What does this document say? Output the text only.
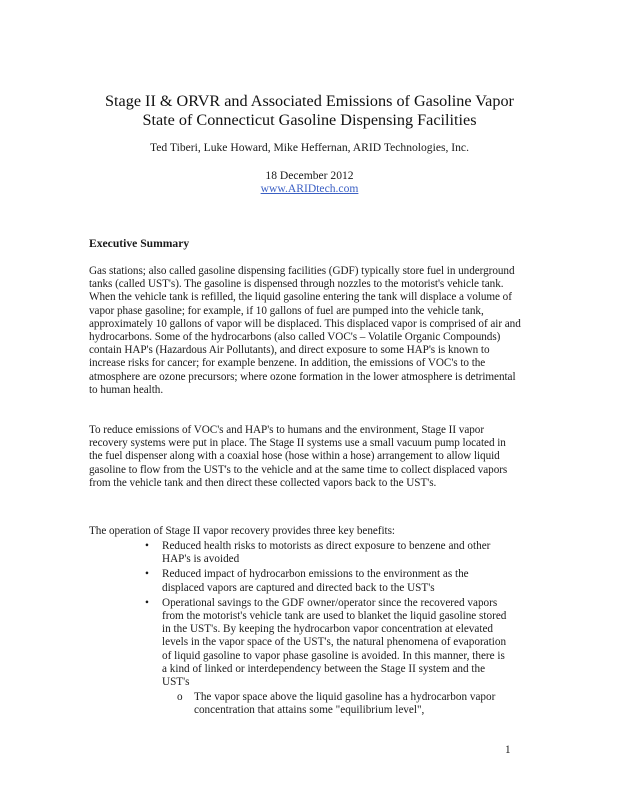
Stage II & ORVR and Associated Emissions of Gasoline Vapor
State of Connecticut Gasoline Dispensing Facilities
Ted Tiberi, Luke Howard, Mike Heffernan, ARID Technologies, Inc.
18 December 2012
www.ARIDtech.com
Executive Summary

Gas stations; also called gasoline dispensing facilities (GDF) typically store fuel in underground tanks (called UST's). The gasoline is dispensed through nozzles to the motorist's vehicle tank. When the vehicle tank is refilled, the liquid gasoline entering the tank will displace a volume of vapor phase gasoline; for example, if 10 gallons of fuel are pumped into the vehicle tank, approximately 10 gallons of vapor will be displaced. This displaced vapor is comprised of air and hydrocarbons. Some of the hydrocarbons (also called VOC's – Volatile Organic Compounds) contain HAP's (Hazardous Air Pollutants), and direct exposure to some HAP's is known to increase risks for cancer; for example benzene. In addition, the emissions of VOC's to the atmosphere are ozone precursors; where ozone formation in the lower atmosphere is detrimental to human health.

To reduce emissions of VOC's and HAP's to humans and the environment, Stage II vapor recovery systems were put in place. The Stage II systems use a small vacuum pump located in the fuel dispenser along with a coaxial hose (hose within a hose) arrangement to allow liquid gasoline to flow from the UST's to the vehicle and at the same time to collect displaced vapors from the vehicle tank and then direct these collected vapors back to the UST's.

The operation of Stage II vapor recovery provides three key benefits:

• Reduced health risks to motorists as direct exposure to benzene and other HAP's is avoided
• Reduced impact of hydrocarbon emissions to the environment as the displaced vapors are captured and directed back to the UST's
• Operational savings to the GDF owner/operator since the recovered vapors from the motorist's vehicle tank are used to blanket the liquid gasoline stored in the UST's. By keeping the hydrocarbon vapor concentration at elevated levels in the vapor space of the UST's, the natural phenomena of evaporation of liquid gasoline to vapor phase gasoline is avoided. In this manner, there is a kind of linked or interdependency between the Stage II system and the UST's
o	The vapor space above the liquid gasoline has a hydrocarbon vapor concentration that attains some "equilibrium level",
1
